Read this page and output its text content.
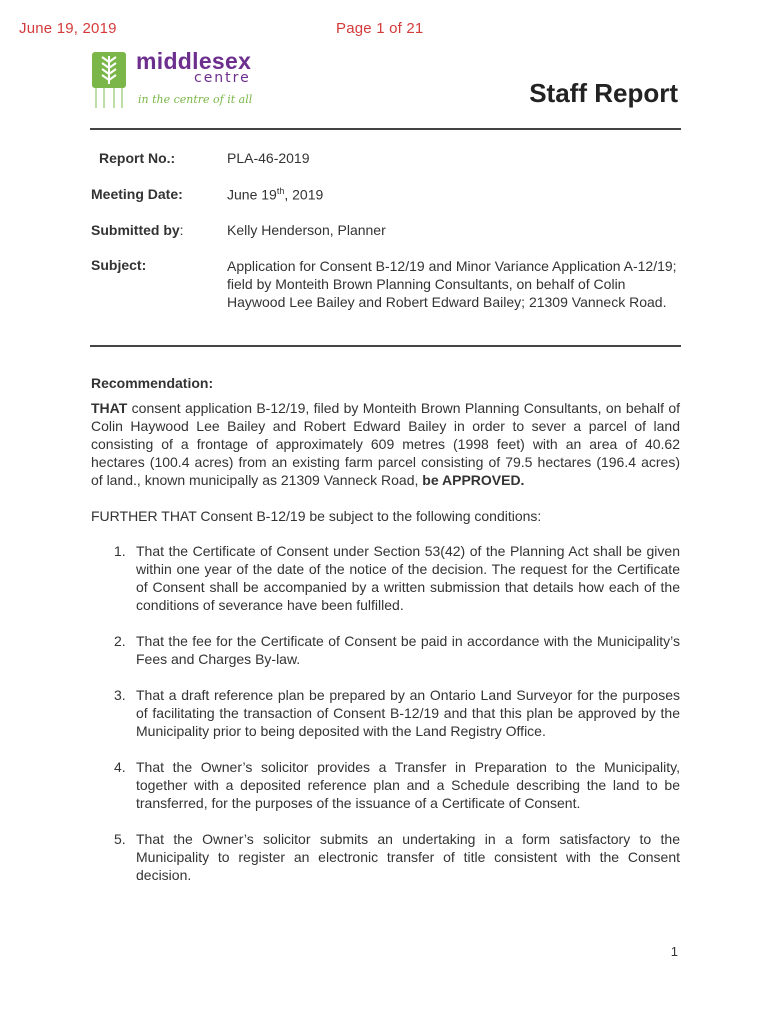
June 19, 2019	Page 1 of 21
middlesex
centre
in the centre of it all	Staff Report
Report No.:	PLA-46-2019
Meeting Date:	June 19th, 2019
Submitted by:	Kelly Henderson, Planner
Subject:	Application for Consent B-12/19 and Minor Variance Application A-12/19; field by Monteith Brown Planning Consultants, on behalf of Colin Haywood Lee Bailey and Robert Edward Bailey; 21309 Vanneck Road.
Recommendation:
THAT consent application B-12/19, filed by Monteith Brown Planning Consultants, on behalf of Colin Haywood Lee Bailey and Robert Edward Bailey in order to sever a parcel of land consisting of a frontage of approximately 609 metres (1998 feet) with an area of 40.62 hectares (100.4 acres) from an existing farm parcel consisting of 79.5 hectares (196.4 acres) of land., known municipally as 21309 Vanneck Road, be APPROVED.
FURTHER THAT Consent B-12/19 be subject to the following conditions:
1. That the Certificate of Consent under Section 53(42) of the Planning Act shall be given within one year of the date of the notice of the decision. The request for the Certificate of Consent shall be accompanied by a written submission that details how each of the conditions of severance have been fulfilled.
2. That the fee for the Certificate of Consent be paid in accordance with the Municipality’s Fees and Charges By-law.
3. That a draft reference plan be prepared by an Ontario Land Surveyor for the purposes of facilitating the transaction of Consent B-12/19 and that this plan be approved by the Municipality prior to being deposited with the Land Registry Office.
4. That the Owner’s solicitor provides a Transfer in Preparation to the Municipality, together with a deposited reference plan and a Schedule describing the land to be transferred, for the purposes of the issuance of a Certificate of Consent.
5. That the Owner’s solicitor submits an undertaking in a form satisfactory to the Municipality to register an electronic transfer of title consistent with the Consent decision.
1
